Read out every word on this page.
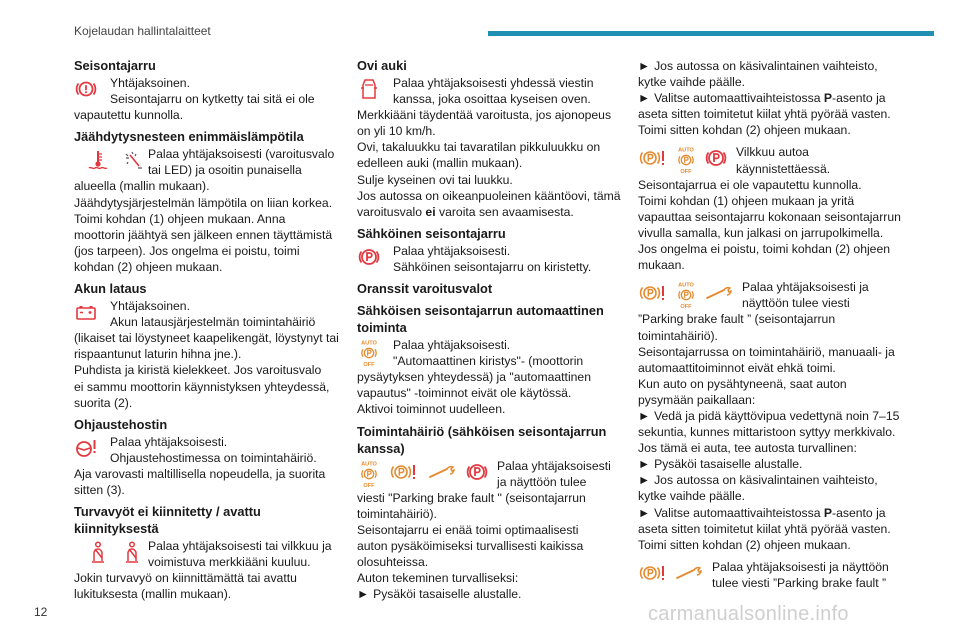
Kojelaudan hallintalaitteet
Seisontajarru
Yhtäjaksoinen.
Seisontajarru on kytketty tai sitä ei ole
vapautettu kunnolla.
Jäähdytysnesteen enimmäislämpötila
Palaa yhtäjaksoisesti (varoitusvalo
tai LED) ja osoitin punaisella
alueella (mallin mukaan).
Jäähdytysjärjestelmän lämpötila on liian korkea.
Toimi kohdan (1) ohjeen mukaan. Anna
moottorin jäähtyä sen jälkeen ennen täyttämistä
(jos tarpeen). Jos ongelma ei poistu, toimi
kohdan (2) ohjeen mukaan.
Akun lataus
Yhtäjaksoinen.
Akun latausjärjestelmän toimintahäiriö
(likaiset tai löystyneet kaapelikengät, löystynyt tai
rispaantunut laturin hihna jne.).
Puhdista ja kiristä kielekkeet. Jos varoitusvalo
ei sammu moottorin käynnistyksen yhteydessä,
suorita (2).
Ohjaustehostin
Palaa yhtäjaksoisesti.
Ohjaustehostimessa on toimintahäiriö.
Aja varovasti maltillisella nopeudella, ja suorita
sitten (3).
Turvavyöt ei kiinnitetty / avattu
kiinnityksestä
Palaa yhtäjaksoisesti tai vilkkuu ja
voimistuva merkkiääni kuuluu.
Jokin turvavyö on kiinnittämättä tai avattu
lukituksesta (mallin mukaan).
Ovi auki
Palaa yhtäjaksoisesti yhdessä viestin
kanssa, joka osoittaa kyseisen oven.
Merkkiääni täydentää varoitusta, jos ajonopeus
on yli 10 km/h.
Ovi, takaluukku tai tavaratilan pikkuluukku on
edelleen auki (mallin mukaan).
Sulje kyseinen ovi tai luukku.
Jos autossa on oikeanpuoleinen kääntöovi, tämä
varoitusvalo ei varoita sen avaamisesta.
Sähköinen seisontajarru
Palaa yhtäjaksoisesti.
Sähköinen seisontajarru on kiristetty.
Oranssit varoitusvalot
Sähköisen seisontajarrun automaattinen
toiminta
Palaa yhtäjaksoisesti.
"Automaattinen kiristys"- (moottorin
pysäytyksen yhteydessä) ja "automaattinen
vapautus" -toiminnot eivät ole käytössä.
Aktivoi toiminnot uudelleen.
Toimintahäiriö (sähköisen seisontajarrun
kanssa)
Palaa yhtäjaksoisesti
ja näyttöön tulee
viesti "Parking brake fault " (seisontajarrun
toimintahäiriö).
Seisontajarru ei enää toimi optimaalisesti
auton pysäköimiseksi turvallisesti kaikissa
olosuhteissa.
Auton tekeminen turvalliseksi:
► Pysäköi tasaiselle alustalle.
► Jos autossa on käsivalintainen vaihteisto,
kytke vaihde päälle.
► Valitse automaattivaihteistossa P-asento ja
aseta sitten toimitetut kiilat yhtä pyörää vasten.
Toimi sitten kohdan (2) ohjeen mukaan.
Vilkkuu autoa
käynnistettäessä.
Seisontajarrua ei ole vapautettu kunnolla.
Toimi kohdan (1) ohjeen mukaan ja yritä
vapauttaa seisontajarru kokonaan seisontajarrun
vivulla samalla, kun jalkasi on jarrupolkimella.
Jos ongelma ei poistu, toimi kohdan (2) ohjeen
mukaan.
Palaa yhtäjaksoisesti ja
näyttöön tulee viesti
”Parking brake fault ” (seisontajarrun
toimintahäiriö).
Seisontajarrussa on toimintahäiriö, manuaali- ja
automaattitoiminnot eivät ehkä toimi.
Kun auto on pysähtyneenä, saat auton
pysymään paikallaan:
► Vedä ja pidä käyttövipua vedettynä noin 7–15
sekuntia, kunnes mittaristoon syttyy merkkivalo.
Jos tämä ei auta, tee autosta turvallinen:
► Pysäköi tasaiselle alustalle.
► Jos autossa on käsivalintainen vaihteisto,
kytke vaihde päälle.
► Valitse automaattivaihteistossa P-asento ja
aseta sitten toimitetut kiilat yhtä pyörää vasten.
Toimi sitten kohdan (2) ohjeen mukaan.
Palaa yhtäjaksoisesti ja näyttöön
tulee viesti ”Parking brake fault ”
12	carmanualsonline.info
